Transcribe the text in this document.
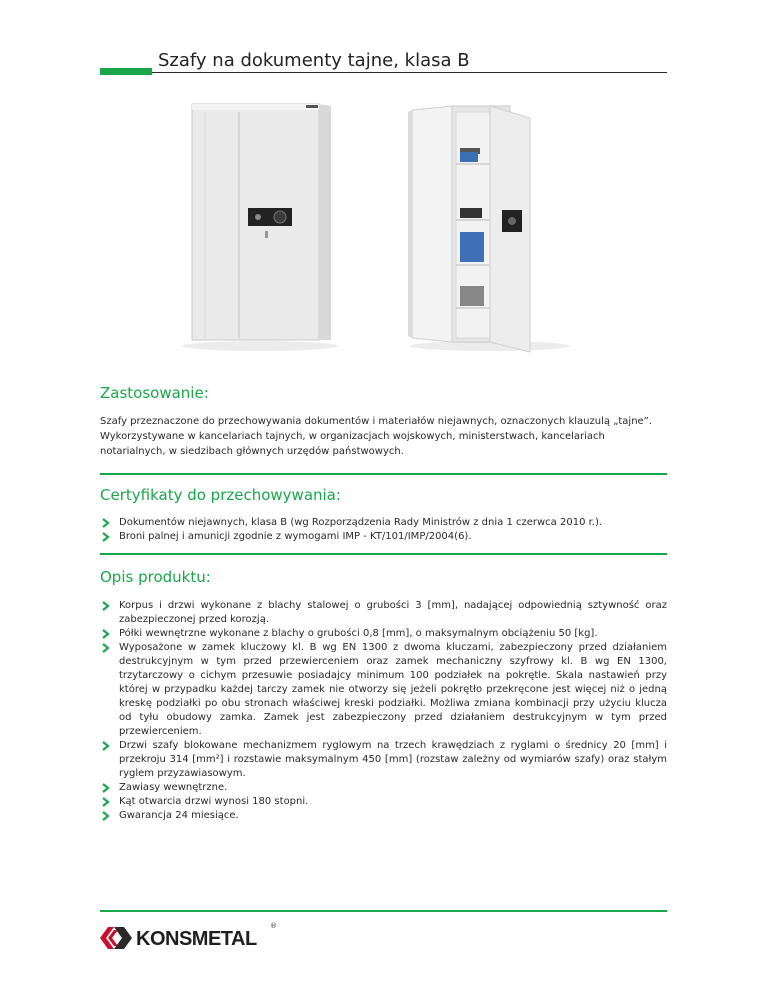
Szafy na dokumenty tajne, klasa B
Zastosowanie:

Szafy przeznaczone do przechowywania dokumentów i materiałów niejawnych, oznaczonych klauzulą „tajne”. Wykorzystywane w kancelariach tajnych, w organizacjach wojskowych, ministerstwach, kancelariach notarialnych, w siedzibach głównych urzędów państwowych.

Certyfikaty do przechowywania:
Dokumentów niejawnych, klasa B (wg Rozporządzenia Rady Ministrów z dnia 1 czerwca 2010 r.).
Broni palnej i amunicji zgodnie z wymogami IMP - KT/101/IMP/2004(6).
Opis produktu:
Korpus i drzwi wykonane z blachy stalowej o grubości 3 [mm], nadającej odpowiednią sztywność oraz zabezpieczonej przed korozją.
Półki wewnętrzne wykonane z blachy o grubości 0,8 [mm], o maksymalnym obciążeniu 50 [kg].
Wyposażone w zamek kluczowy kl. B wg EN 1300 z dwoma kluczami, zabezpieczony przed działaniem destrukcyjnym w tym przed przewierceniem oraz zamek mechaniczny szyfrowy kl. B wg EN 1300, trzytarczowy o cichym przesuwie posiadajcy minimum 100 podziałek na pokrętle. Skala nastawień przy której w przypadku każdej tarczy zamek nie otworzy się jeżeli pokrętło przekręcone jest więcej niż o jedną kreskę podziałki po obu stronach właściwej kreski podziałki. Możliwa zmiana kombinacji przy użyciu klucza od tyłu obudowy zamka. Zamek jest zabezpieczony przed działaniem destrukcyjnym w tym przed przewierceniem.
Drzwi szafy blokowane mechanizmem ryglowym na trzech krawędziach z ryglami o średnicy 20 [mm] i przekroju 314 [mm²] i rozstawie maksymalnym 450 [mm] (rozstaw zależny od wymiarów szafy) oraz stałym ryglem przyzawiasowym.
Zawiasy wewnętrzne.
Kąt otwarcia drzwi wynosi 180 stopni.
Gwarancja 24 miesiące.
KONSMETAL
®
